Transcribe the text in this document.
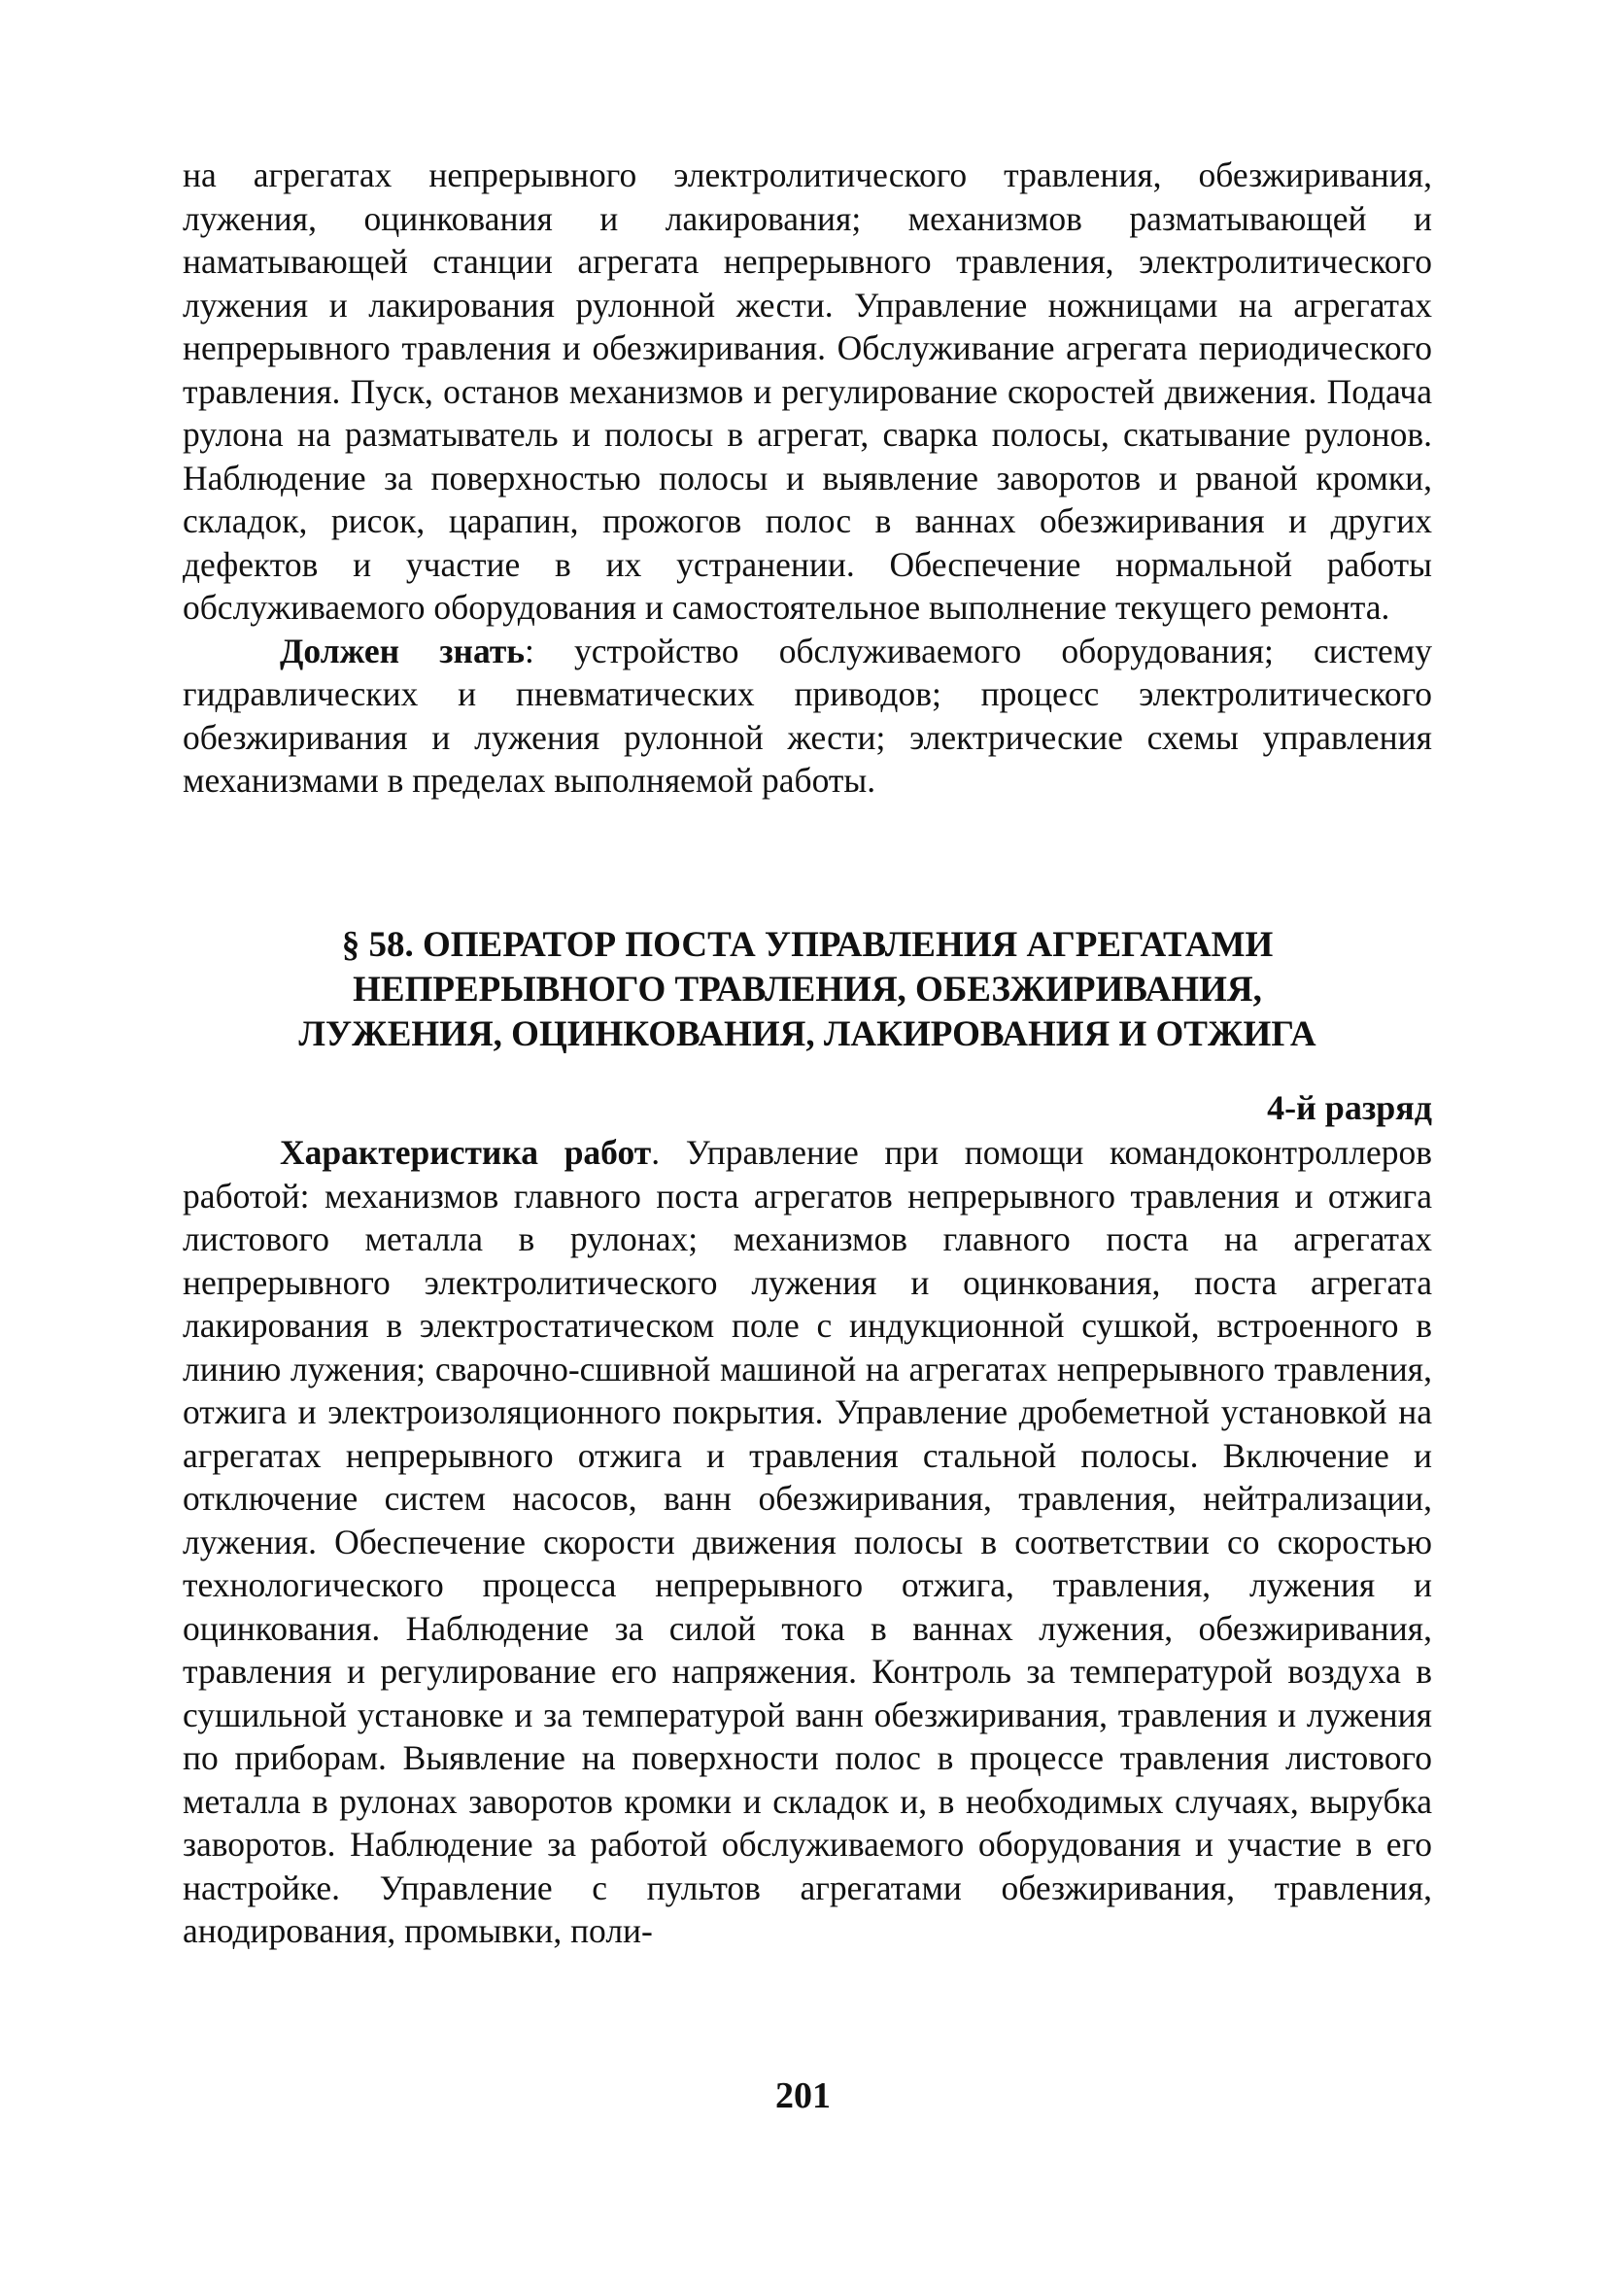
на агрегатах непрерывного электролитического травления, обезжиривания, лужения, оцинкования и лакирования; механизмов разматывающей и наматывающей станции агрегата непрерывного травления, электролитического лужения и лакирования рулонной жести. Управление ножницами на агрегатах непрерывного травления и обезжиривания. Обслуживание агрегата периодического травления. Пуск, останов механизмов и регулирование скоростей движения. Подача рулона на разматыватель и полосы в агрегат, сварка полосы, скатывание рулонов. Наблюдение за поверхностью полосы и выявление заворотов и рваной кромки, складок, рисок, царапин, прожогов полос в ваннах обезжиривания и других дефектов и участие в их устранении. Обеспечение нормальной работы обслуживаемого оборудования и самостоятельное выполнение текущего ремонта.

Должен знать: устройство обслуживаемого оборудования; систему гидравлических и пневматических приводов; процесс электролитического обезжиривания и лужения рулонной жести; электрические схемы управления механизмами в пределах выполняемой работы.

§ 58. ОПЕРАТОР ПОСТА УПРАВЛЕНИЯ АГРЕГАТАМИ
НЕПРЕРЫВНОГО ТРАВЛЕНИЯ, ОБЕЗЖИРИВАНИЯ,
ЛУЖЕНИЯ, ОЦИНКОВАНИЯ, ЛАКИРОВАНИЯ И ОТЖИГА
4-й разряд

Характеристика работ. Управление при помощи командоконтроллеров работой: механизмов главного поста агрегатов непрерывного травления и отжига листового металла в рулонах; механизмов главного поста на агрегатах непрерывного электролитического лужения и оцинкования, поста агрегата лакирования в электростатическом поле с индукционной сушкой, встроенного в линию лужения; сварочно-сшивной машиной на агрегатах непрерывного травления, отжига и электроизоляционного покрытия. Управление дробеметной установкой на агрегатах непрерывного отжига и травления стальной полосы. Включение и отключение систем насосов, ванн обезжиривания, травления, нейтрализации, лужения. Обеспечение скорости движения полосы в соответствии со скоростью технологического процесса непрерывного отжига, травления, лужения и оцинкования. Наблюдение за силой тока в ваннах лужения, обезжиривания, травления и регулирование его напряжения. Контроль за температурой воздуха в сушильной установке и за температурой ванн обезжиривания, травления и лужения по приборам. Выявление на поверхности полос в процессе травления листового металла в рулонах заворотов кромки и складок и, в необходимых случаях, вырубка заворотов. Наблюдение за работой обслуживаемого оборудования и участие в его настройке. Управление с пультов агрегатами обезжиривания, травления, анодирования, промывки, поли-

201
